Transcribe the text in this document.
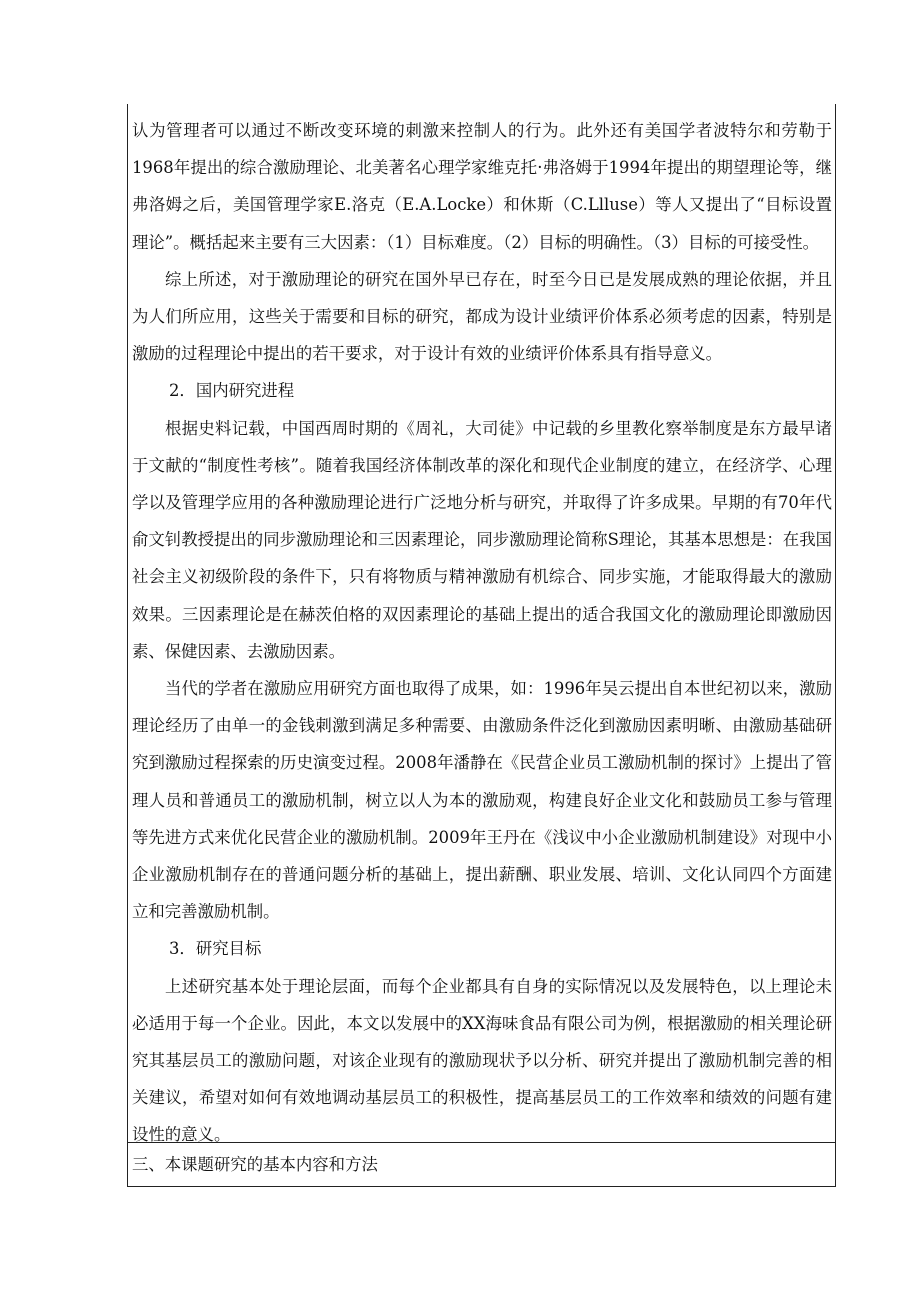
认为管理者可以通过不断改变环境的刺激来控制人的行为。此外还有美国学者波特尔和劳勒于1968年提出的综合激励理论、北美著名心理学家维克托·弗洛姆于1994年提出的期望理论等，继弗洛姆之后，美国管理学家E.洛克（E.A.Locke）和休斯（C.Llluse）等人又提出了“目标设置理论”。概括起来主要有三大因素：（1）目标难度。（2）目标的明确性。（3）目标的可接受性。

综上所述，对于激励理论的研究在国外早已存在，时至今日已是发展成熟的理论依据，并且为人们所应用，这些关于需要和目标的研究，都成为设计业绩评价体系必须考虑的因素，特别是激励的过程理论中提出的若干要求，对于设计有效的业绩评价体系具有指导意义。

2．国内研究进程

根据史料记载，中国西周时期的《周礼，大司徒》中记载的乡里教化察举制度是东方最早诸于文献的“制度性考核”。随着我国经济体制改革的深化和现代企业制度的建立，在经济学、心理学以及管理学应用的各种激励理论进行广泛地分析与研究，并取得了许多成果。早期的有70年代俞文钊教授提出的同步激励理论和三因素理论，同步激励理论简称S理论，其基本思想是：在我国社会主义初级阶段的条件下，只有将物质与精神激励有机综合、同步实施，才能取得最大的激励效果。三因素理论是在赫茨伯格的双因素理论的基础上提出的适合我国文化的激励理论即激励因素、保健因素、去激励因素。

当代的学者在激励应用研究方面也取得了成果，如：1996年吴云提出自本世纪初以来，激励理论经历了由单一的金钱刺激到满足多种需要、由激励条件泛化到激励因素明晰、由激励基础研究到激励过程探索的历史演变过程。2008年潘静在《民营企业员工激励机制的探讨》上提出了管理人员和普通员工的激励机制，树立以人为本的激励观，构建良好企业文化和鼓励员工参与管理等先进方式来优化民营企业的激励机制。2009年王丹在《浅议中小企业激励机制建设》对现中小企业激励机制存在的普通问题分析的基础上，提出薪酬、职业发展、培训、文化认同四个方面建立和完善激励机制。

3．研究目标

上述研究基本处于理论层面，而每个企业都具有自身的实际情况以及发展特色，以上理论未必适用于每一个企业。因此，本文以发展中的XX海味食品有限公司为例，根据激励的相关理论研究其基层员工的激励问题，对该企业现有的激励现状予以分析、研究并提出了激励机制完善的相关建议，希望对如何有效地调动基层员工的积极性，提高基层员工的工作效率和绩效的问题有建设性的意义。

三、本课题研究的基本内容和方法
